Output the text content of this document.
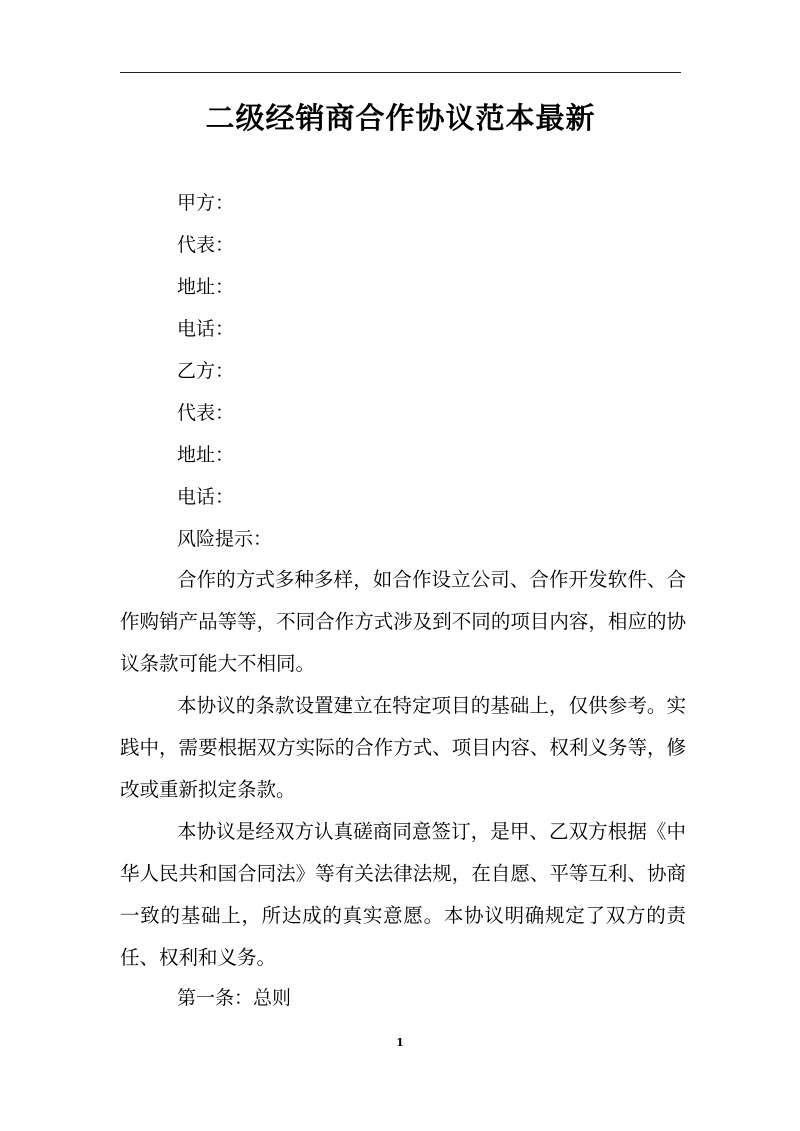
二级经销商合作协议范本最新
甲方：
代表：
地址：
电话：
乙方：
代表：
地址：
电话：
风险提示：

合作的方式多种多样，如合作设立公司、合作开发软件、合作购销产品等等，不同合作方式涉及到不同的项目内容，相应的协议条款可能大不相同。

本协议的条款设置建立在特定项目的基础上，仅供参考。实践中，需要根据双方实际的合作方式、项目内容、权利义务等，修改或重新拟定条款。

本协议是经双方认真磋商同意签订，是甲、乙双方根据《中华人民共和国合同法》等有关法律法规，在自愿、平等互利、协商一致的基础上，所达成的真实意愿。本协议明确规定了双方的责任、权利和义务。

第一条：总则
1
